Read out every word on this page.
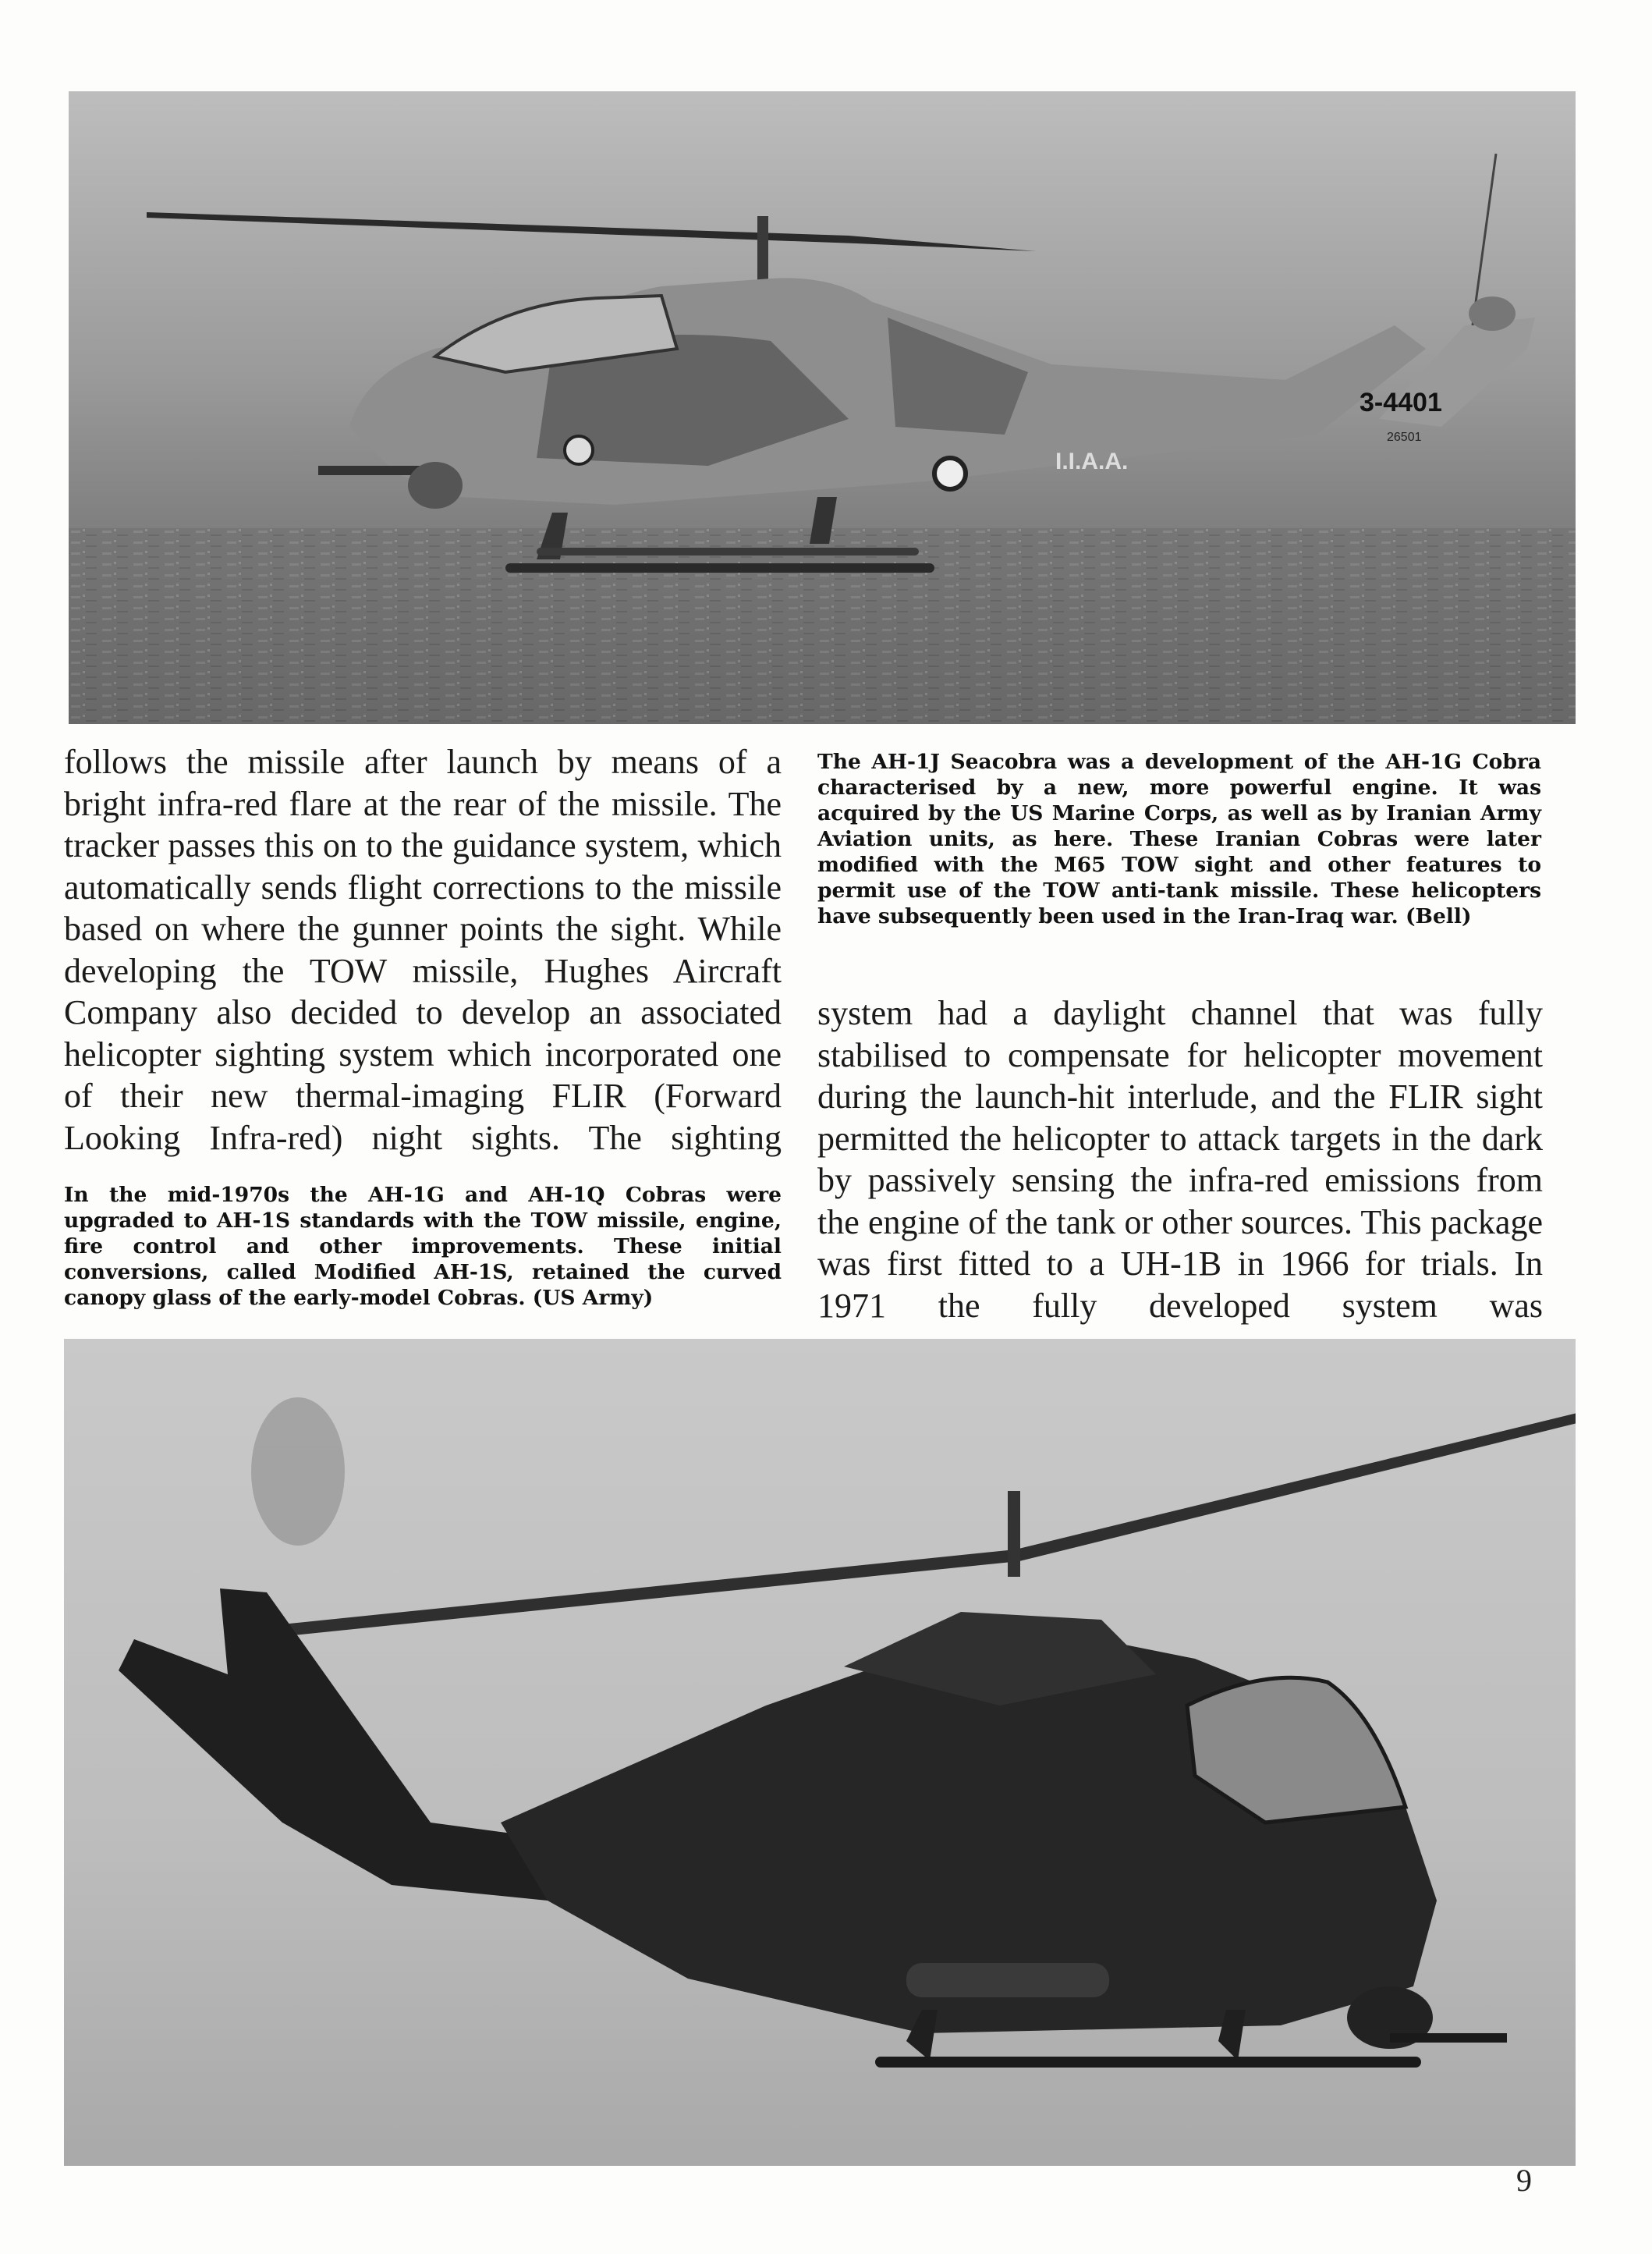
3-4401
26501
I.I.A.A.

follows the missile after launch by means of a bright infra-red flare at the rear of the missile. The tracker passes this on to the guidance system, which automatically sends flight corrections to the missile based on where the gunner points the sight. While developing the TOW missile, Hughes Aircraft Company also decided to develop an associated helicopter sighting system which incorporated one of their new thermal-imaging FLIR (Forward Looking Infra-red) night sights. The sighting

The AH-1J Seacobra was a development of the AH-1G Cobra characterised by a new, more powerful engine. It was acquired by the US Marine Corps, as well as by Iranian Army Aviation units, as here. These Iranian Cobras were later modified with the M65 TOW sight and other features to permit use of the TOW anti-tank missile. These helicopters have subsequently been used in the Iran-Iraq war. (Bell)

system had a daylight channel that was fully stabilised to compensate for helicopter movement during the launch-hit interlude, and the FLIR sight permitted the helicopter to attack targets in the dark by passively sensing the infra-red emissions from the engine of the tank or other sources. This package was first fitted to a UH-1B in 1966 for trials. In 1971 the fully developed system was

In the mid-1970s the AH-1G and AH-1Q Cobras were upgraded to AH-1S standards with the TOW missile, engine, fire control and other improvements. These initial conversions, called Modified AH-1S, retained the curved canopy glass of the early-model Cobras. (US Army)

9
